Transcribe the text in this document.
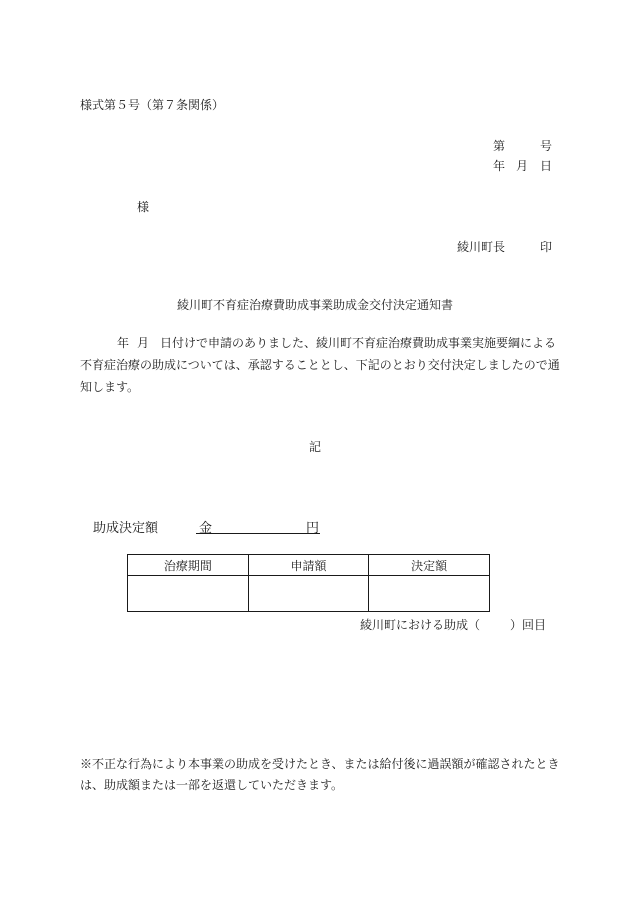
様式第５号（第７条関係）
第	号
年 月 日
様
綾川町長	印
綾川町不育症治療費助成事業助成金交付決定通知書
年 月 日付けで申請のありました、綾川町不育症治療費助成事業実施要綱による
不育症治療の助成については、承認することとし、下記のとおり交付決定しましたので通
知します。
記
助成決定額	金	円
治療期間	申請額	決定額

綾川町における助成（ ）回目
※不正な行為により本事業の助成を受けたとき、または給付後に過誤額が確認されたとき
は、助成額または一部を返還していただきます。
